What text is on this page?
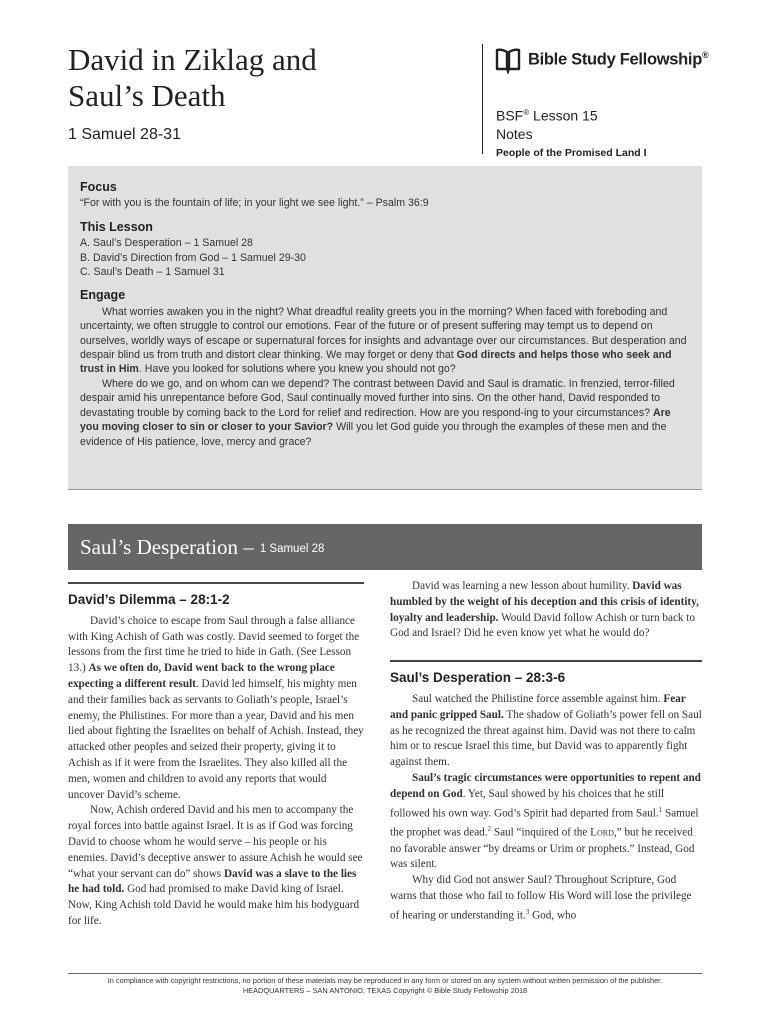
David in Ziklag and
Saul’s Death
1 Samuel 28-31
Bible Study Fellowship®
BSF® Lesson 15
Notes
People of the Promised Land I
Focus
“For with you is the fountain of life; in your light we see light.” – Psalm 36:9
This Lesson
A. Saul’s Desperation – 1 Samuel 28
B. David’s Direction from God – 1 Samuel 29-30
C. Saul’s Death – 1 Samuel 31
Engage

What worries awaken you in the night? What dreadful reality greets you in the morning? When faced with foreboding and uncertainty, we often struggle to control our emotions. Fear of the future or of present suffering may tempt us to depend on ourselves, worldly ways of escape or supernatural forces for insights and advantage over our circumstances. But desperation and despair blind us from truth and distort clear thinking. We may forget or deny that God directs and helps those who seek and trust in Him. Have you looked for solutions where you knew you should not go?

Where do we go, and on whom can we depend? The contrast between David and Saul is dramatic. In frenzied, terror-filled despair amid his unrepentance before God, Saul continually moved further into sins. On the other hand, David responded to devastating trouble by coming back to the Lord for relief and redirection. How are you respond-ing to your circumstances? Are you moving closer to sin or closer to your Savior? Will you let God guide you through the examples of these men and the evidence of His patience, love, mercy and grace?

Saul’s Desperation – 1 Samuel 28
David’s Dilemma – 28:1-2

David’s choice to escape from Saul through a false alliance with King Achish of Gath was costly. David seemed to forget the lessons from the first time he tried to hide in Gath. (See Lesson 13.) As we often do, David went back to the wrong place expecting a different result. David led himself, his mighty men and their families back as servants to Goliath’s people, Israel’s enemy, the Philistines. For more than a year, David and his men lied about fighting the Israelites on behalf of Achish. Instead, they attacked other peoples and seized their property, giving it to Achish as if it were from the Israelites. They also killed all the men, women and children to avoid any reports that would uncover David’s scheme.

Now, Achish ordered David and his men to accompany the royal forces into battle against Israel. It is as if God was forcing David to choose whom he would serve – his people or his enemies. David’s deceptive answer to assure Achish he would see “what your servant can do” shows David was a slave to the lies he had told. God had promised to make David king of Israel. Now, King Achish told David he would make him his bodyguard for life.

David was learning a new lesson about humility. David was humbled by the weight of his deception and this crisis of identity, loyalty and leadership. Would David follow Achish or turn back to God and Israel? Did he even know yet what he would do?

Saul’s Desperation – 28:3-6

Saul watched the Philistine force assemble against him. Fear and panic gripped Saul. The shadow of Goliath’s power fell on Saul as he recognized the threat against him. David was not there to calm him or to rescue Israel this time, but David was to apparently fight against them.

Saul’s tragic circumstances were opportunities to repent and depend on God. Yet, Saul showed by his choices that he still followed his own way. God’s Spirit had departed from Saul.$^1$ Samuel the prophet was dead.$^2$ Saul “inquired of the Lord,” but he received no favorable answer “by dreams or Urim or prophets.” Instead, God was silent.

Why did God not answer Saul? Throughout Scripture, God warns that those who fail to follow His Word will lose the privilege of hearing or understanding it.$^3$ God, who

In compliance with copyright restrictions, no portion of these materials may be reproduced in any form or stored on any system without written permission of the publisher.
HEADQUARTERS – SAN ANTONIO, TEXAS Copyright © Bible Study Fellowship 2018
